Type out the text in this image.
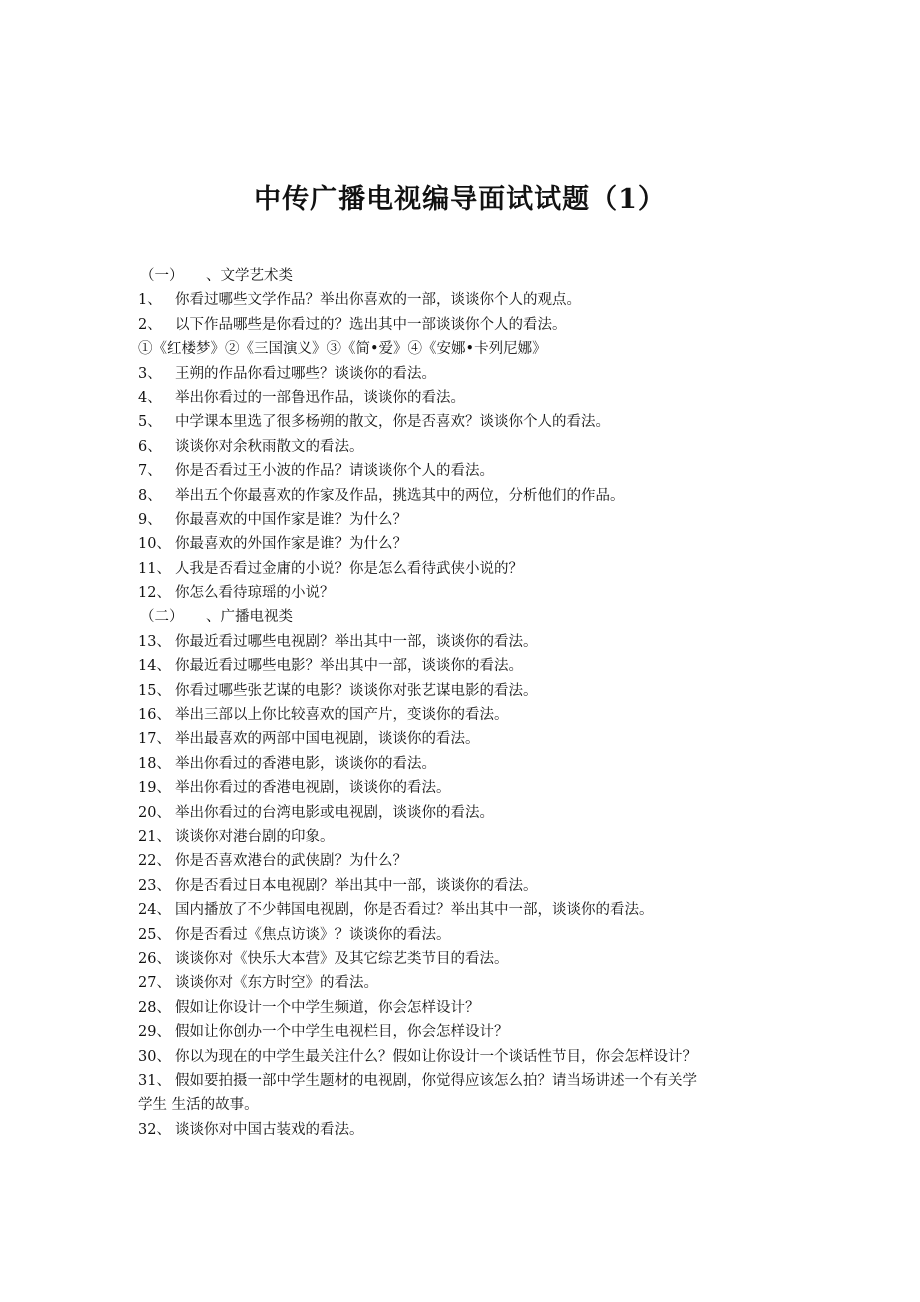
中传广播电视编导面试试题（1）
（一） 、文学艺术类
1、 你看过哪些文学作品？举出你喜欢的一部，谈谈你个人的观点。
2、 以下作品哪些是你看过的？选出其中一部谈谈你个人的看法。
①《红楼梦》②《三国演义》③《简•爱》④《安娜•卡列尼娜》
3、 王朔的作品你看过哪些？谈谈你的看法。
4、 举出你看过的一部鲁迅作品，谈谈你的看法。
5、 中学课本里选了很多杨朔的散文，你是否喜欢？谈谈你个人的看法。
6、 谈谈你对余秋雨散文的看法。
7、 你是否看过王小波的作品？请谈谈你个人的看法。
8、 举出五个你最喜欢的作家及作品，挑选其中的两位，分析他们的作品。
9、 你最喜欢的中国作家是谁？为什么？
10、 你最喜欢的外国作家是谁？为什么？
11、 人我是否看过金庸的小说？你是怎么看待武侠小说的？
12、 你怎么看待琼瑶的小说？
（二） 、广播电视类
13、 你最近看过哪些电视剧？举出其中一部，谈谈你的看法。
14、 你最近看过哪些电影？举出其中一部，谈谈你的看法。
15、 你看过哪些张艺谋的电影？谈谈你对张艺谋电影的看法。
16、 举出三部以上你比较喜欢的国产片，变谈你的看法。
17、 举出最喜欢的两部中国电视剧，谈谈你的看法。
18、 举出你看过的香港电影，谈谈你的看法。
19、 举出你看过的香港电视剧，谈谈你的看法。
20、 举出你看过的台湾电影或电视剧，谈谈你的看法。
21、 谈谈你对港台剧的印象。
22、 你是否喜欢港台的武侠剧？为什么？
23、 你是否看过日本电视剧？举出其中一部，谈谈你的看法。
24、 国内播放了不少韩国电视剧，你是否看过？举出其中一部，谈谈你的看法。
25、 你是否看过《焦点访谈》？谈谈你的看法。
26、 谈谈你对《快乐大本营》及其它综艺类节目的看法。
27、 谈谈你对《东方时空》的看法。
28、 假如让你设计一个中学生频道，你会怎样设计？
29、 假如让你创办一个中学生电视栏目，你会怎样设计？
30、 你以为现在的中学生最关注什么？假如让你设计一个谈话性节目，你会怎样设计？
31、 假如要拍摄一部中学生题材的电视剧，你觉得应该怎么拍？请当场讲述一个有关学
学生 生活的故事。
32、 谈谈你对中国古装戏的看法。
